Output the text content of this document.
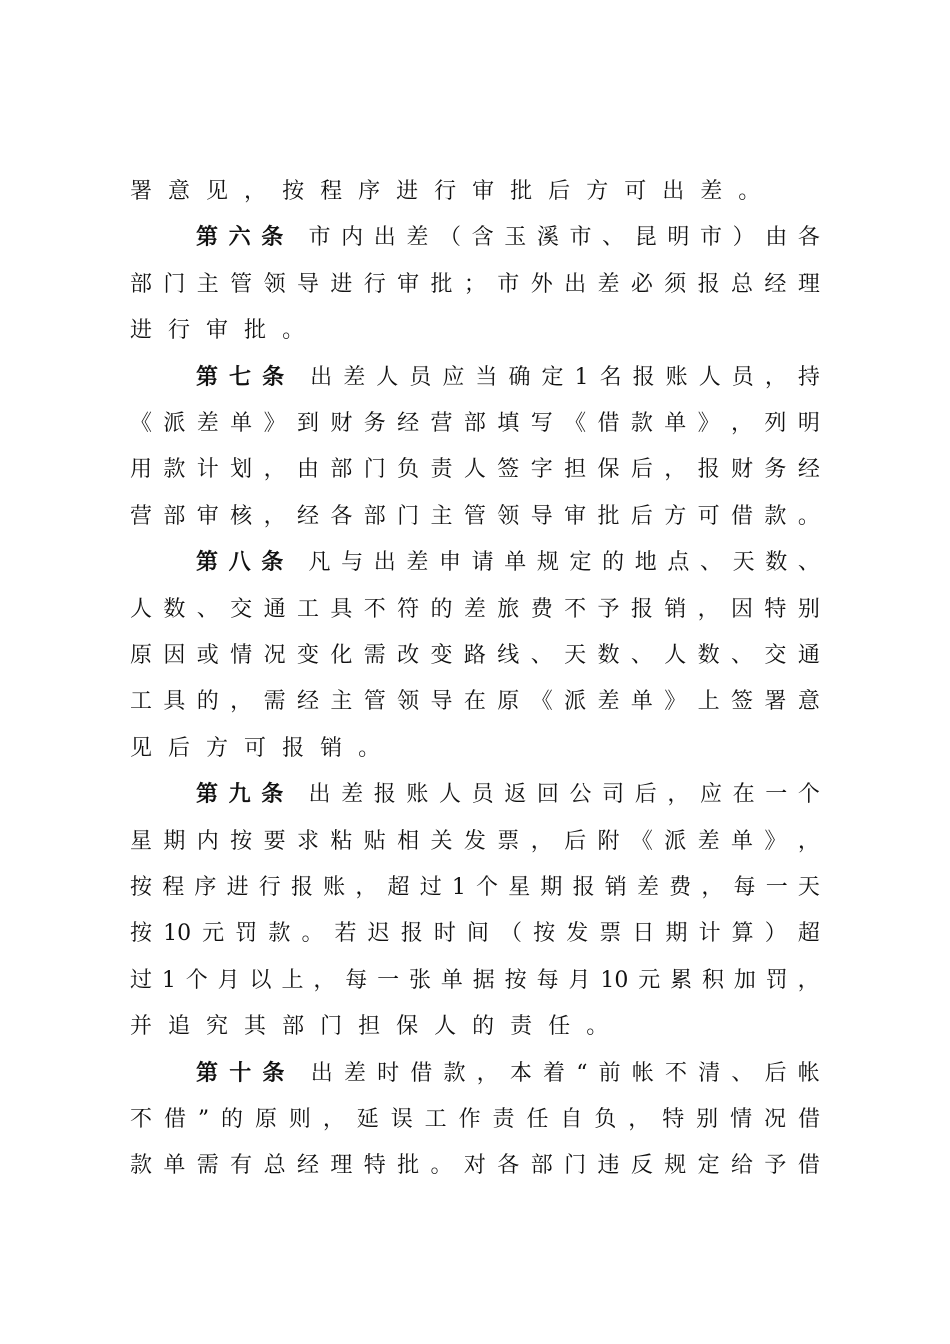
署 意 见 ， 按 程 序 进 行 审 批 后 方 可 出 差 。
第 六 条 市 内 出 差 （ 含 玉 溪 市 、 昆 明 市 ） 由 各
部 门 主 管 领 导 进 行 审 批 ； 市 外 出 差 必 须 报 总 经 理
进 行 审 批 。
第 七 条 出 差 人 员 应 当 确 定 1 名 报 账 人 员 ， 持
《 派 差 单 》 到 财 务 经 营 部 填 写 《 借 款 单 》 ， 列 明
用 款 计 划 ， 由 部 门 负 责 人 签 字 担 保 后 ， 报 财 务 经
营 部 审 核 ， 经 各 部 门 主 管 领 导 审 批 后 方 可 借 款 。
第 八 条 凡 与 出 差 申 请 单 规 定 的 地 点 、 天 数 、
人 数 、 交 通 工 具 不 符 的 差 旅 费 不 予 报 销 ， 因 特 别
原 因 或 情 况 变 化 需 改 变 路 线 、 天 数 、 人 数 、 交 通
工 具 的 ， 需 经 主 管 领 导 在 原 《 派 差 单 》 上 签 署 意
见 后 方 可 报 销 。
第 九 条 出 差 报 账 人 员 返 回 公 司 后 ， 应 在 一 个
星 期 内 按 要 求 粘 贴 相 关 发 票 ， 后 附 《 派 差 单 》 ，
按 程 序 进 行 报 账 ， 超 过 1 个 星 期 报 销 差 费 ， 每 一 天
按 10 元 罚 款 。 若 迟 报 时 间 （ 按 发 票 日 期 计 算 ） 超
过 1 个 月 以 上 ， 每 一 张 单 据 按 每 月 10 元 累 积 加 罚 ，
并 追 究 其 部 门 担 保 人 的 责 任 。
第 十 条 出 差 时 借 款 ， 本 着 “ 前 帐 不 清 、 后 帐
不 借 ” 的 原 则 ， 延 误 工 作 责 任 自 负 ， 特 别 情 况 借
款 单 需 有 总 经 理 特 批 。 对 各 部 门 违 反 规 定 给 予 借
